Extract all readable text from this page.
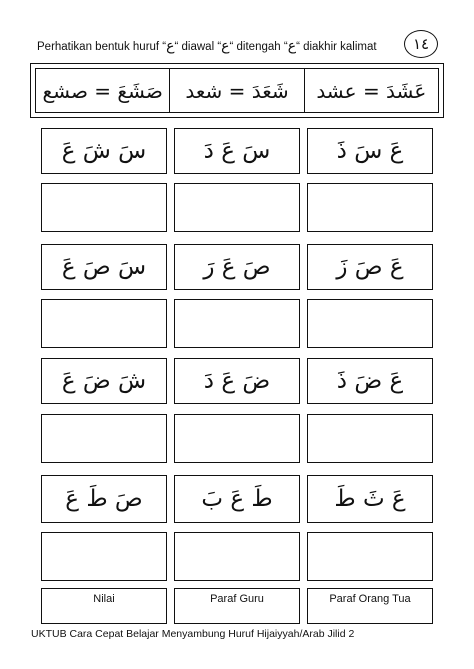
Perhatikan bentuk huruf “ع“ diawal “ع“ ditengah “ع“ diakhir kalimat	١٤
صَشَعَ = صشع	شَعَدَ = شعد	عَشَدَ = عشد
سَ شَ عَ سَ عَ دَ	عَ سَ ذَ
سَ صَ عَ صَ عَ رَ	عَ صَ زَ
شَ ضَ عَ	ضَ عَ دَ	عَ ضَ ذَ
صَ طَ عَ	طَ عَ بَ	عَ ثَ طَ
Nilai	Paraf Guru	Paraf Orang Tua
UKTUB Cara Cepat Belajar Menyambung Huruf Hijaiyyah/Arab Jilid 2
